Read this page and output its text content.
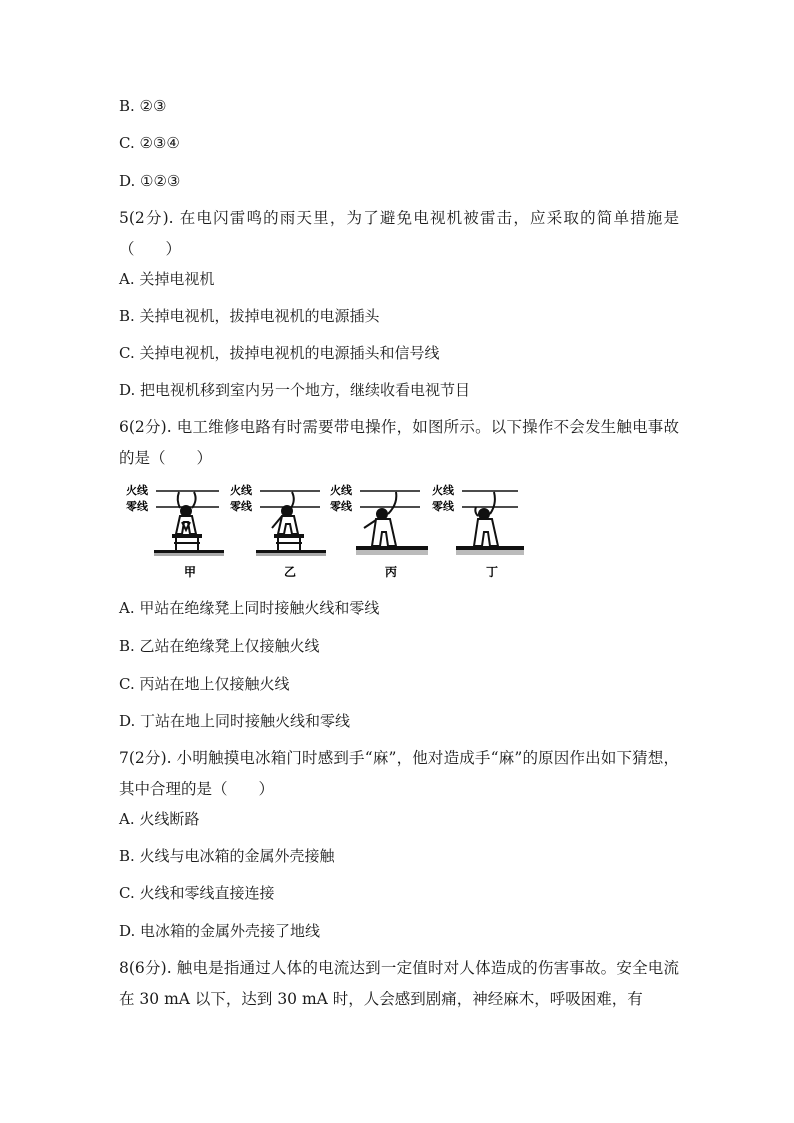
B. ②③
C. ②③④
D. ①②③
5(2分). 在电闪雷鸣的雨天里，为了避免电视机被雷击，应采取的简单措施是（　　）
A. 关掉电视机
B. 关掉电视机，拔掉电视机的电源插头
C. 关掉电视机，拔掉电视机的电源插头和信号线
D. 把电视机移到室内另一个地方，继续收看电视节目
6(2分). 电工维修电路有时需要带电操作，如图所示。以下操作不会发生触电事故的是（　　）
火线
零线
甲
火线
零线
乙
火线
零线
丙
火线
零线
丁
A. 甲站在绝缘凳上同时接触火线和零线
B. 乙站在绝缘凳上仅接触火线
C. 丙站在地上仅接触火线
D. 丁站在地上同时接触火线和零线
7(2分). 小明触摸电冰箱门时感到手“麻”，他对造成手“麻”的原因作出如下猜想，其中合理的是（　　）
A. 火线断路
B. 火线与电冰箱的金属外壳接触
C. 火线和零线直接连接
D. 电冰箱的金属外壳接了地线
8(6分). 触电是指通过人体的电流达到一定值时对人体造成的伤害事故。安全电流在 30 mA 以下，达到 30 mA 时，人会感到剧痛，神经麻木，呼吸困难，有
